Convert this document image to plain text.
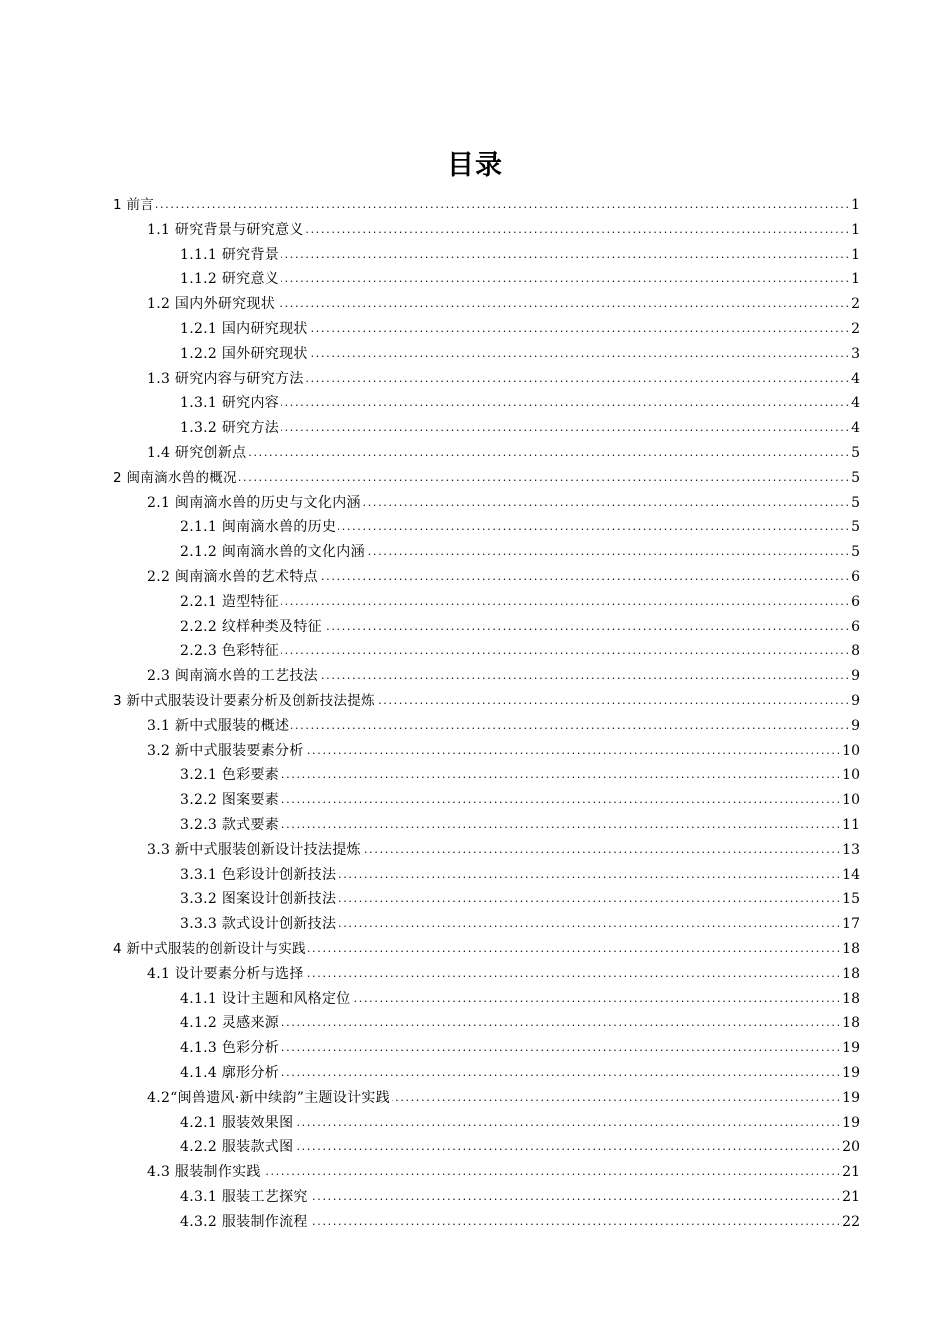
目录
1 前言 . . .	1
1.1 研究背景与研究意义 . . .	1
1.1.1 研究背景 . . .	1
1.1.2 研究意义 . . .	1
1.2 国内外研究现状 . . .	2
1.2.1 国内研究现状 . . .	2
1.2.2 国外研究现状 . . .	3
1.3 研究内容与研究方法 . . .	4
1.3.1 研究内容 . . .	4
1.3.2 研究方法 . . .	4
1.4 研究创新点 . . .	5
2 闽南滴水兽的概况 . . .	5
2.1 闽南滴水兽的历史与文化内涵 . . .	5
2.1.1 闽南滴水兽的历史 . . .	5
2.1.2 闽南滴水兽的文化内涵 . . .	5
2.2 闽南滴水兽的艺术特点 . . .	6
2.2.1 造型特征 . . .	6
2.2.2 纹样种类及特征 . . .	6
2.2.3 色彩特征 . . .	8
2.3 闽南滴水兽的工艺技法 . . .	9
3 新中式服装设计要素分析及创新技法提炼 . . .	9
3.1 新中式服装的概述 . . .	9
3.2 新中式服装要素分析 . . .	10
3.2.1 色彩要素 . . .	10
3.2.2 图案要素 . . .	10
3.2.3 款式要素 . . .	11
3.3 新中式服装创新设计技法提炼 . . .	13
3.3.1 色彩设计创新技法 . . .	14
3.3.2 图案设计创新技法 . . .	15
3.3.3 款式设计创新技法 . . .	17
4 新中式服装的创新设计与实践 . . .	18
4.1 设计要素分析与选择 . . .	18
4.1.1 设计主题和风格定位 . . .	18
4.1.2 灵感来源 . . .	18
4.1.3 色彩分析 . . .	19
4.1.4 廓形分析 . . .	19
4.2“闽兽遗风·新中续韵”主题设计实践 . . .	19
4.2.1 服装效果图 . . .	19
4.2.2 服装款式图 . . .	20
4.3 服装制作实践 . . .	21
4.3.1 服装工艺探究 . . .	21
4.3.2 服装制作流程 . . .	22
